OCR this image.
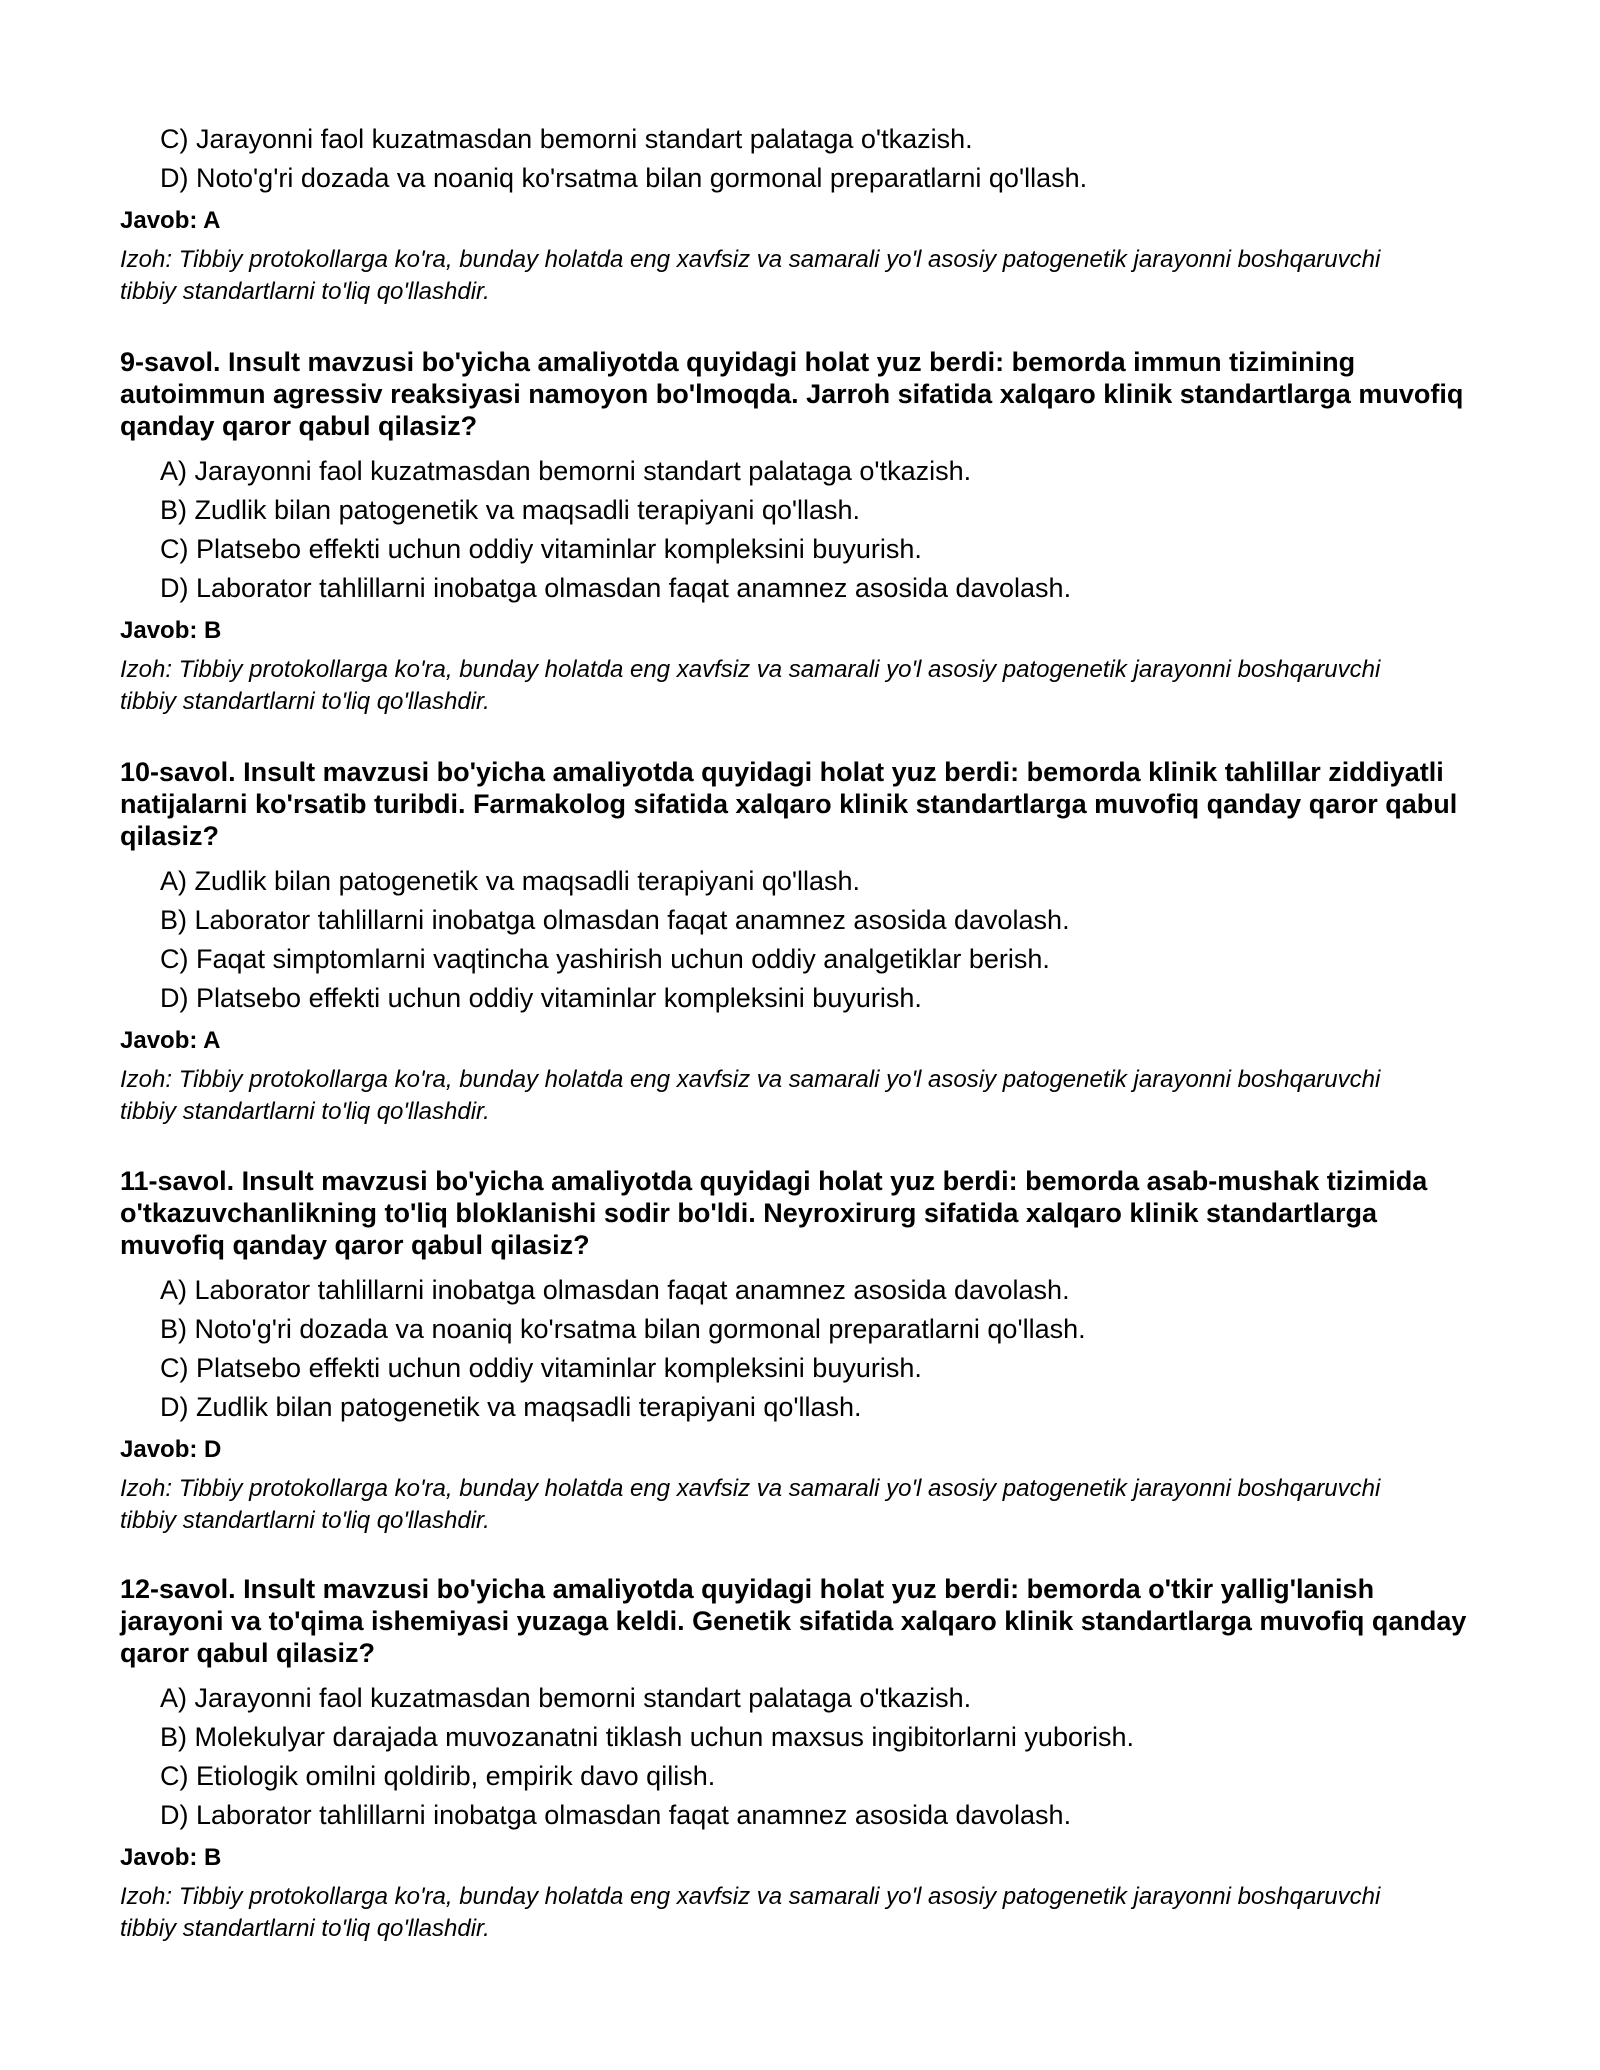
C) Jarayonni faol kuzatmasdan bemorni standart palataga o'tkazish.
D) Noto'g'ri dozada va noaniq ko'rsatma bilan gormonal preparatlarni qo'llash.
Javob: A
Izoh: Tibbiy protokollarga ko'ra, bunday holatda eng xavfsiz va samarali yo'l asosiy patogenetik jarayonni boshqaruvchi tibbiy standartlarni to'liq qo'llashdir.
9-savol. Insult mavzusi bo'yicha amaliyotda quyidagi holat yuz berdi: bemorda immun tizimining autoimmun agressiv reaksiyasi namoyon bo'lmoqda. Jarroh sifatida xalqaro klinik standartlarga muvofiq qanday qaror qabul qilasiz?
A) Jarayonni faol kuzatmasdan bemorni standart palataga o'tkazish.
B) Zudlik bilan patogenetik va maqsadli terapiyani qo'llash.
C) Platsebo effekti uchun oddiy vitaminlar kompleksini buyurish.
D) Laborator tahlillarni inobatga olmasdan faqat anamnez asosida davolash.
Javob: B
Izoh: Tibbiy protokollarga ko'ra, bunday holatda eng xavfsiz va samarali yo'l asosiy patogenetik jarayonni boshqaruvchi tibbiy standartlarni to'liq qo'llashdir.
10-savol. Insult mavzusi bo'yicha amaliyotda quyidagi holat yuz berdi: bemorda klinik tahlillar ziddiyatli natijalarni ko'rsatib turibdi. Farmakolog sifatida xalqaro klinik standartlarga muvofiq qanday qaror qabul qilasiz?
A) Zudlik bilan patogenetik va maqsadli terapiyani qo'llash.
B) Laborator tahlillarni inobatga olmasdan faqat anamnez asosida davolash.
C) Faqat simptomlarni vaqtincha yashirish uchun oddiy analgetiklar berish.
D) Platsebo effekti uchun oddiy vitaminlar kompleksini buyurish.
Javob: A
Izoh: Tibbiy protokollarga ko'ra, bunday holatda eng xavfsiz va samarali yo'l asosiy patogenetik jarayonni boshqaruvchi tibbiy standartlarni to'liq qo'llashdir.
11-savol. Insult mavzusi bo'yicha amaliyotda quyidagi holat yuz berdi: bemorda asab-mushak tizimida o'tkazuvchanlikning to'liq bloklanishi sodir bo'ldi. Neyroxirurg sifatida xalqaro klinik standartlarga muvofiq qanday qaror qabul qilasiz?
A) Laborator tahlillarni inobatga olmasdan faqat anamnez asosida davolash.
B) Noto'g'ri dozada va noaniq ko'rsatma bilan gormonal preparatlarni qo'llash.
C) Platsebo effekti uchun oddiy vitaminlar kompleksini buyurish.
D) Zudlik bilan patogenetik va maqsadli terapiyani qo'llash.
Javob: D
Izoh: Tibbiy protokollarga ko'ra, bunday holatda eng xavfsiz va samarali yo'l asosiy patogenetik jarayonni boshqaruvchi tibbiy standartlarni to'liq qo'llashdir.
12-savol. Insult mavzusi bo'yicha amaliyotda quyidagi holat yuz berdi: bemorda o'tkir yallig'lanish jarayoni va to'qima ishemiyasi yuzaga keldi. Genetik sifatida xalqaro klinik standartlarga muvofiq qanday qaror qabul qilasiz?
A) Jarayonni faol kuzatmasdan bemorni standart palataga o'tkazish.
B) Molekulyar darajada muvozanatni tiklash uchun maxsus ingibitorlarni yuborish.
C) Etiologik omilni qoldirib, empirik davo qilish.
D) Laborator tahlillarni inobatga olmasdan faqat anamnez asosida davolash.
Javob: B
Izoh: Tibbiy protokollarga ko'ra, bunday holatda eng xavfsiz va samarali yo'l asosiy patogenetik jarayonni boshqaruvchi tibbiy standartlarni to'liq qo'llashdir.
